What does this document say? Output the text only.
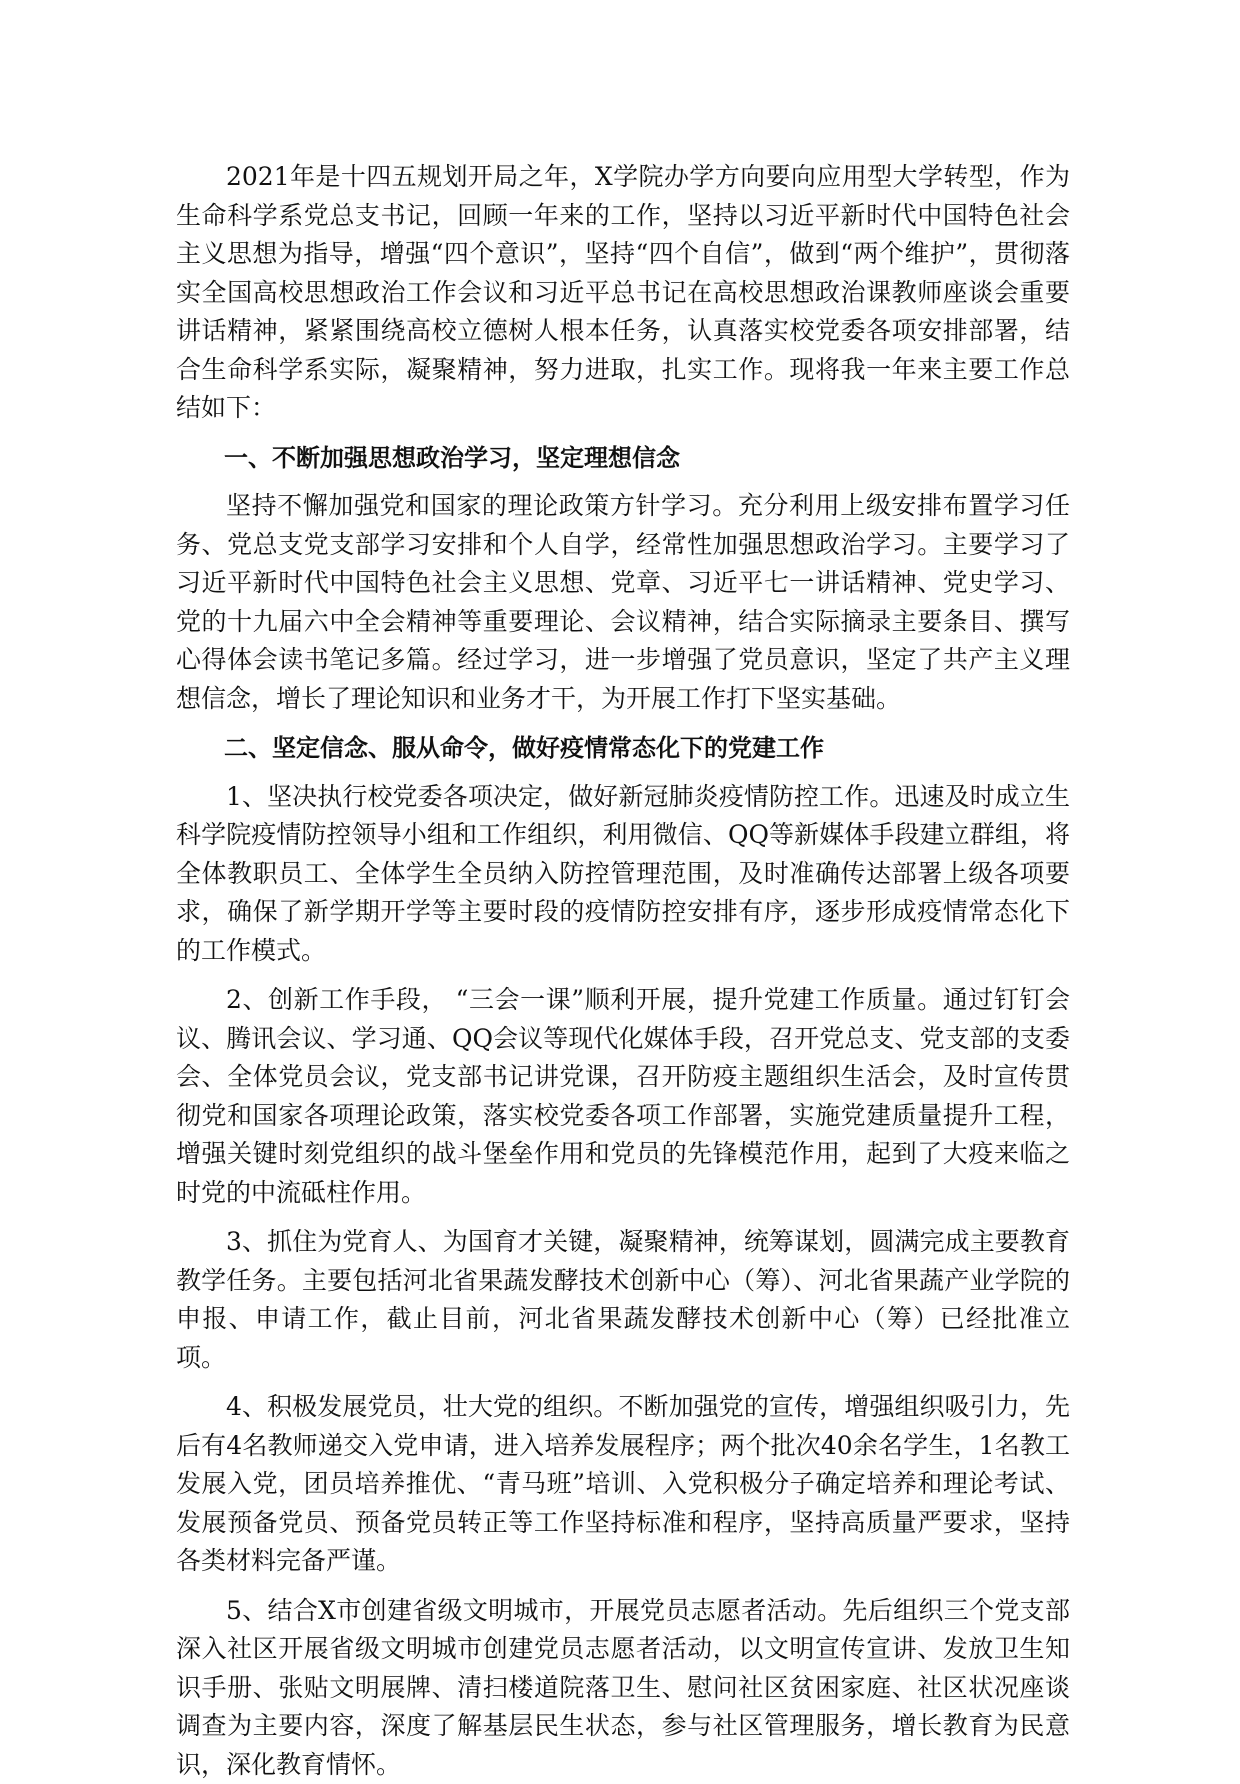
2021年是十四五规划开局之年，X学院办学方向要向应用型大学转型，作为生命科学系党总支书记，回顾一年来的工作，坚持以习近平新时代中国特色社会主义思想为指导，增强“四个意识”，坚持“四个自信”，做到“两个维护”，贯彻落实全国高校思想政治工作会议和习近平总书记在高校思想政治课教师座谈会重要讲话精神，紧紧围绕高校立德树人根本任务，认真落实校党委各项安排部署，结合生命科学系实际，凝聚精神，努力进取，扎实工作。现将我一年来主要工作总结如下：

一、不断加强思想政治学习，坚定理想信念

坚持不懈加强党和国家的理论政策方针学习。充分利用上级安排布置学习任务、党总支党支部学习安排和个人自学，经常性加强思想政治学习。主要学习了习近平新时代中国特色社会主义思想、党章、习近平七一讲话精神、党史学习、党的十九届六中全会精神等重要理论、会议精神，结合实际摘录主要条目、撰写心得体会读书笔记多篇。经过学习，进一步增强了党员意识，坚定了共产主义理想信念，增长了理论知识和业务才干，为开展工作打下坚实基础。

二、坚定信念、服从命令，做好疫情常态化下的党建工作

1、坚决执行校党委各项决定，做好新冠肺炎疫情防控工作。迅速及时成立生科学院疫情防控领导小组和工作组织，利用微信、QQ等新媒体手段建立群组，将全体教职员工、全体学生全员纳入防控管理范围，及时准确传达部署上级各项要求，确保了新学期开学等主要时段的疫情防控安排有序，逐步形成疫情常态化下的工作模式。

2、创新工作手段， “三会一课”顺利开展，提升党建工作质量。通过钉钉会议、腾讯会议、学习通、QQ会议等现代化媒体手段，召开党总支、党支部的支委会、全体党员会议，党支部书记讲党课，召开防疫主题组织生活会，及时宣传贯彻党和国家各项理论政策，落实校党委各项工作部署，实施党建质量提升工程，增强关键时刻党组织的战斗堡垒作用和党员的先锋模范作用，起到了大疫来临之时党的中流砥柱作用。

3、抓住为党育人、为国育才关键，凝聚精神，统筹谋划，圆满完成主要教育教学任务。主要包括河北省果蔬发酵技术创新中心（筹）、河北省果蔬产业学院的申报、申请工作，截止目前，河北省果蔬发酵技术创新中心（筹）已经批准立项。

4、积极发展党员，壮大党的组织。不断加强党的宣传，增强组织吸引力，先后有4名教师递交入党申请，进入培养发展程序；两个批次40余名学生，1名教工发展入党，团员培养推优、“青马班”培训、入党积极分子确定培养和理论考试、发展预备党员、预备党员转正等工作坚持标准和程序，坚持高质量严要求，坚持各类材料完备严谨。

5、结合X市创建省级文明城市，开展党员志愿者活动。先后组织三个党支部深入社区开展省级文明城市创建党员志愿者活动，以文明宣传宣讲、发放卫生知识手册、张贴文明展牌、清扫楼道院落卫生、慰问社区贫困家庭、社区状况座谈调查为主要内容，深度了解基层民生状态，参与社区管理服务，增长教育为民意识，深化教育情怀。
